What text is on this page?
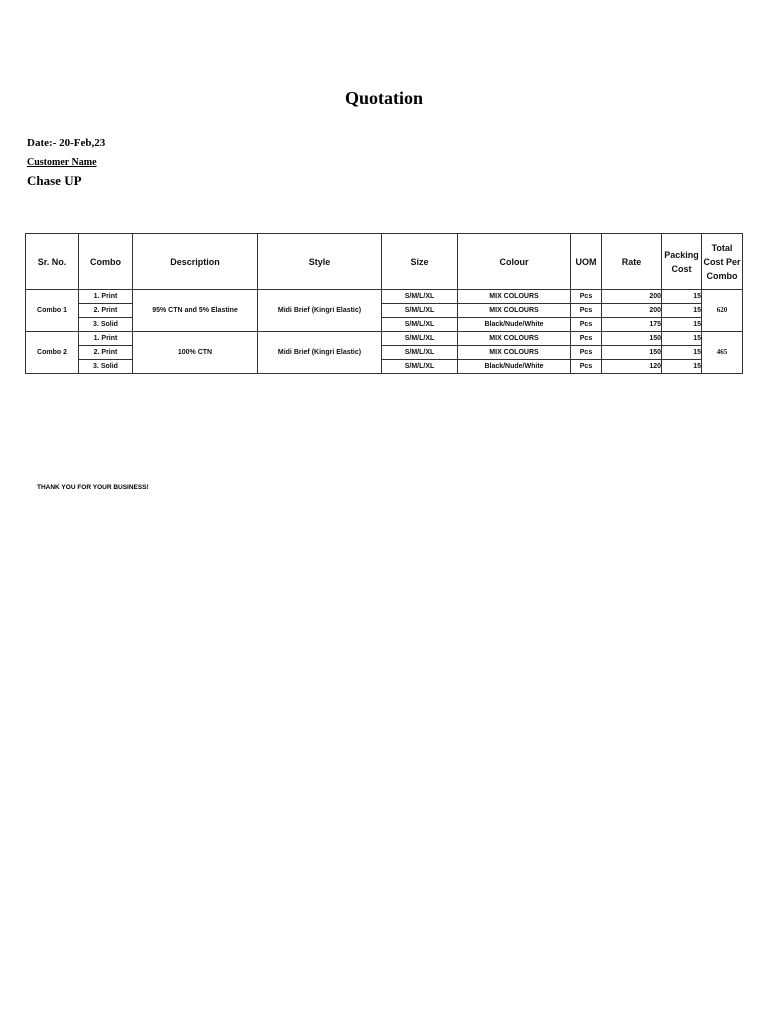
Quotation
Date:- 20-Feb,23
Customer Name
Chase UP
Sr. No.	Combo	Description	Style	Size	Colour	UOM	Rate	Packing Cost	Total Cost Per Combo
Combo 1	1. Print	95% CTN and 5% Elastine	Midi Brief (Kingri Elastic)	S/M/L/XL	MIX COLOURS	Pcs	200	15	620
	2. Print			S/M/L/XL	MIX COLOURS	Pcs	200	15	
	3. Solid			S/M/L/XL	Black/Nude/White	Pcs	175	15	
Combo 2	1. Print	100% CTN	Midi Brief (Kingri Elastic)	S/M/L/XL	MIX COLOURS	Pcs	150	15	465
	2. Print			S/M/L/XL	MIX COLOURS	Pcs	150	15	
	3. Solid			S/M/L/XL	Black/Nude/White	Pcs	120	15	
THANK YOU FOR YOUR BUSINESS!
